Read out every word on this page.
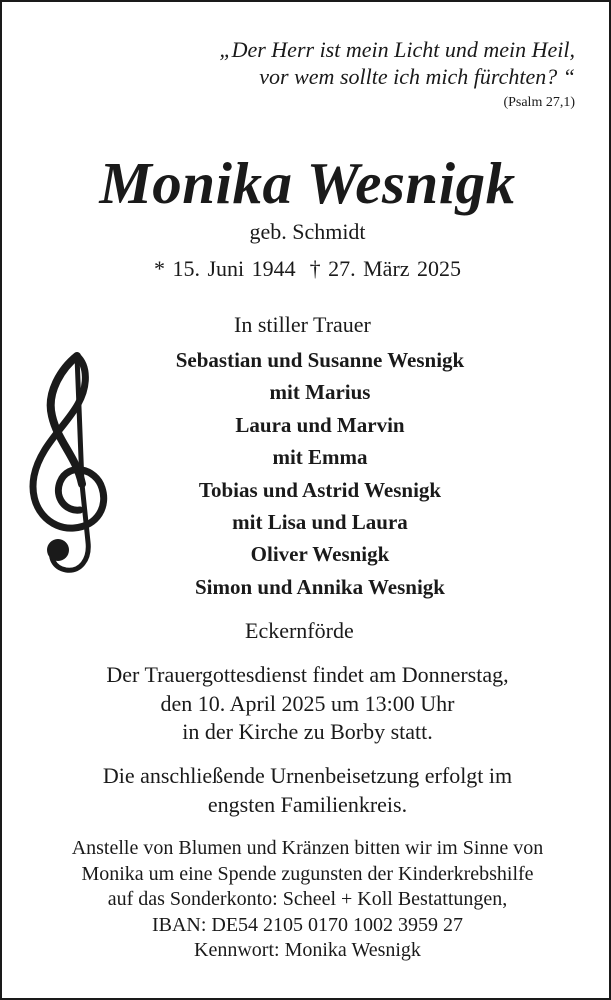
„Der Herr ist mein Licht und mein Heil,
vor wem sollte ich mich fürchten? “
(Psalm 27,1)
Monika Wesnigk
geb. Schmidt
* 15. Juni 1944 † 27. März 2025
In stiller Trauer
Sebastian und Susanne Wesnigk
mit Marius
Laura und Marvin
mit Emma
Tobias und Astrid Wesnigk
mit Lisa und Laura
Oliver Wesnigk
Simon und Annika Wesnigk
Eckernförde
Der Trauergottesdienst findet am Donnerstag,
den 10. April 2025 um 13:00 Uhr
in der Kirche zu Borby statt.
Die anschließende Urnenbeisetzung erfolgt im
engsten Familienkreis.
Anstelle von Blumen und Kränzen bitten wir im Sinne von
Monika um eine Spende zugunsten der Kinderkrebshilfe
auf das Sonderkonto: Scheel + Koll Bestattungen,
IBAN: DE54 2105 0170 1002 3959 27
Kennwort: Monika Wesnigk
